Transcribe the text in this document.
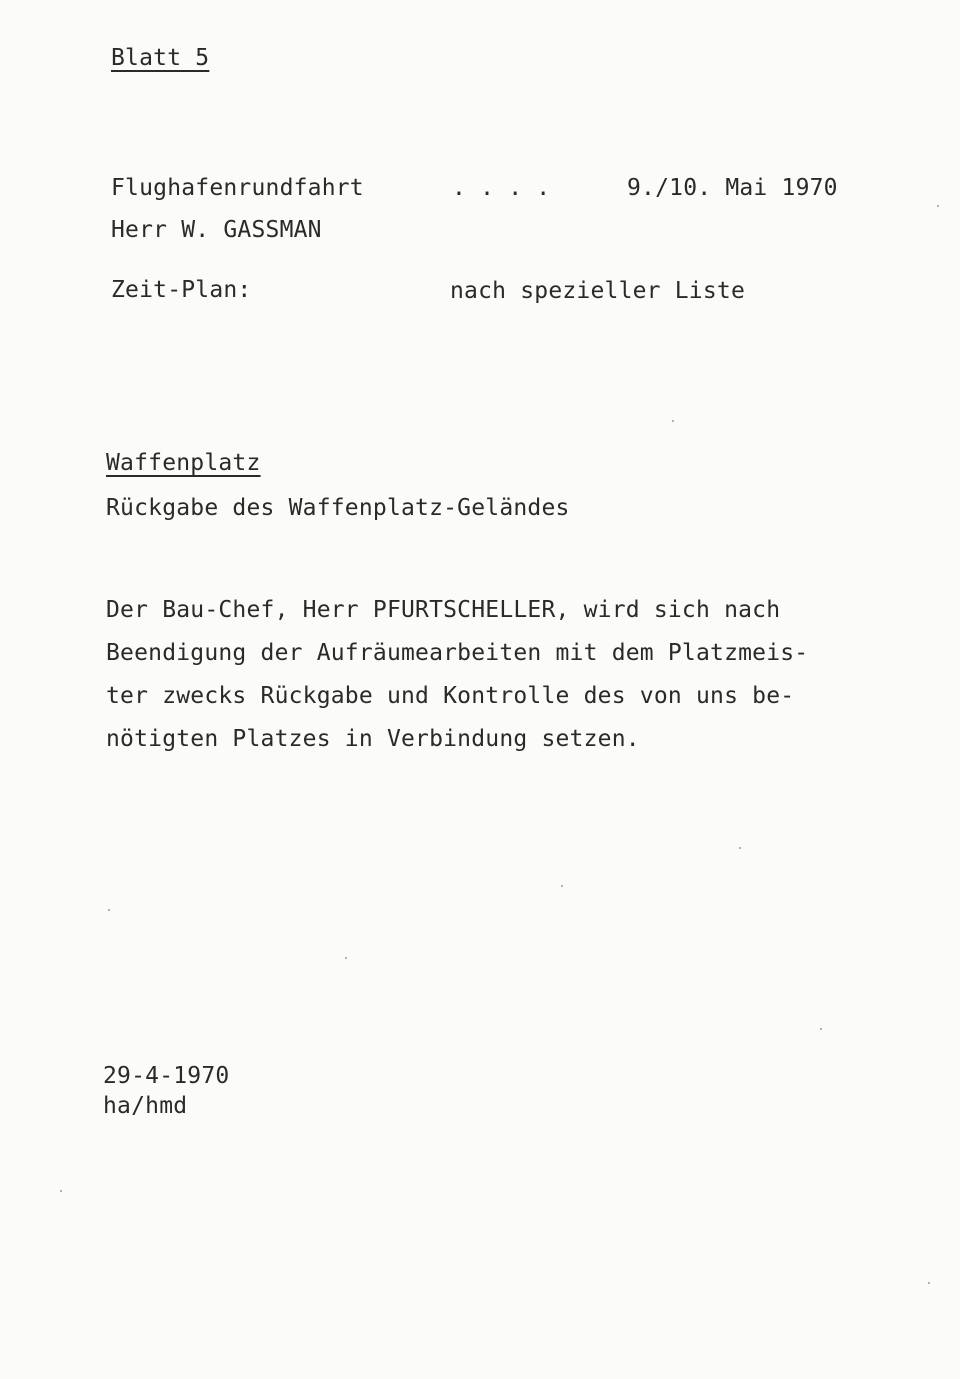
Blatt 5
Flughafenrundfahrt	. . . .	9./10. Mai 1970
Herr W. GASSMAN
Zeit-Plan:	nach spezieller Liste
Waffenplatz
Rückgabe des Waffenplatz-Geländes
Der Bau-Chef, Herr PFURTSCHELLER, wird sich nach
Beendigung der Aufräumearbeiten mit dem Platzmeis-
ter zwecks Rückgabe und Kontrolle des von uns be-
nötigten Platzes in Verbindung setzen.
29-4-1970
ha/hmd
